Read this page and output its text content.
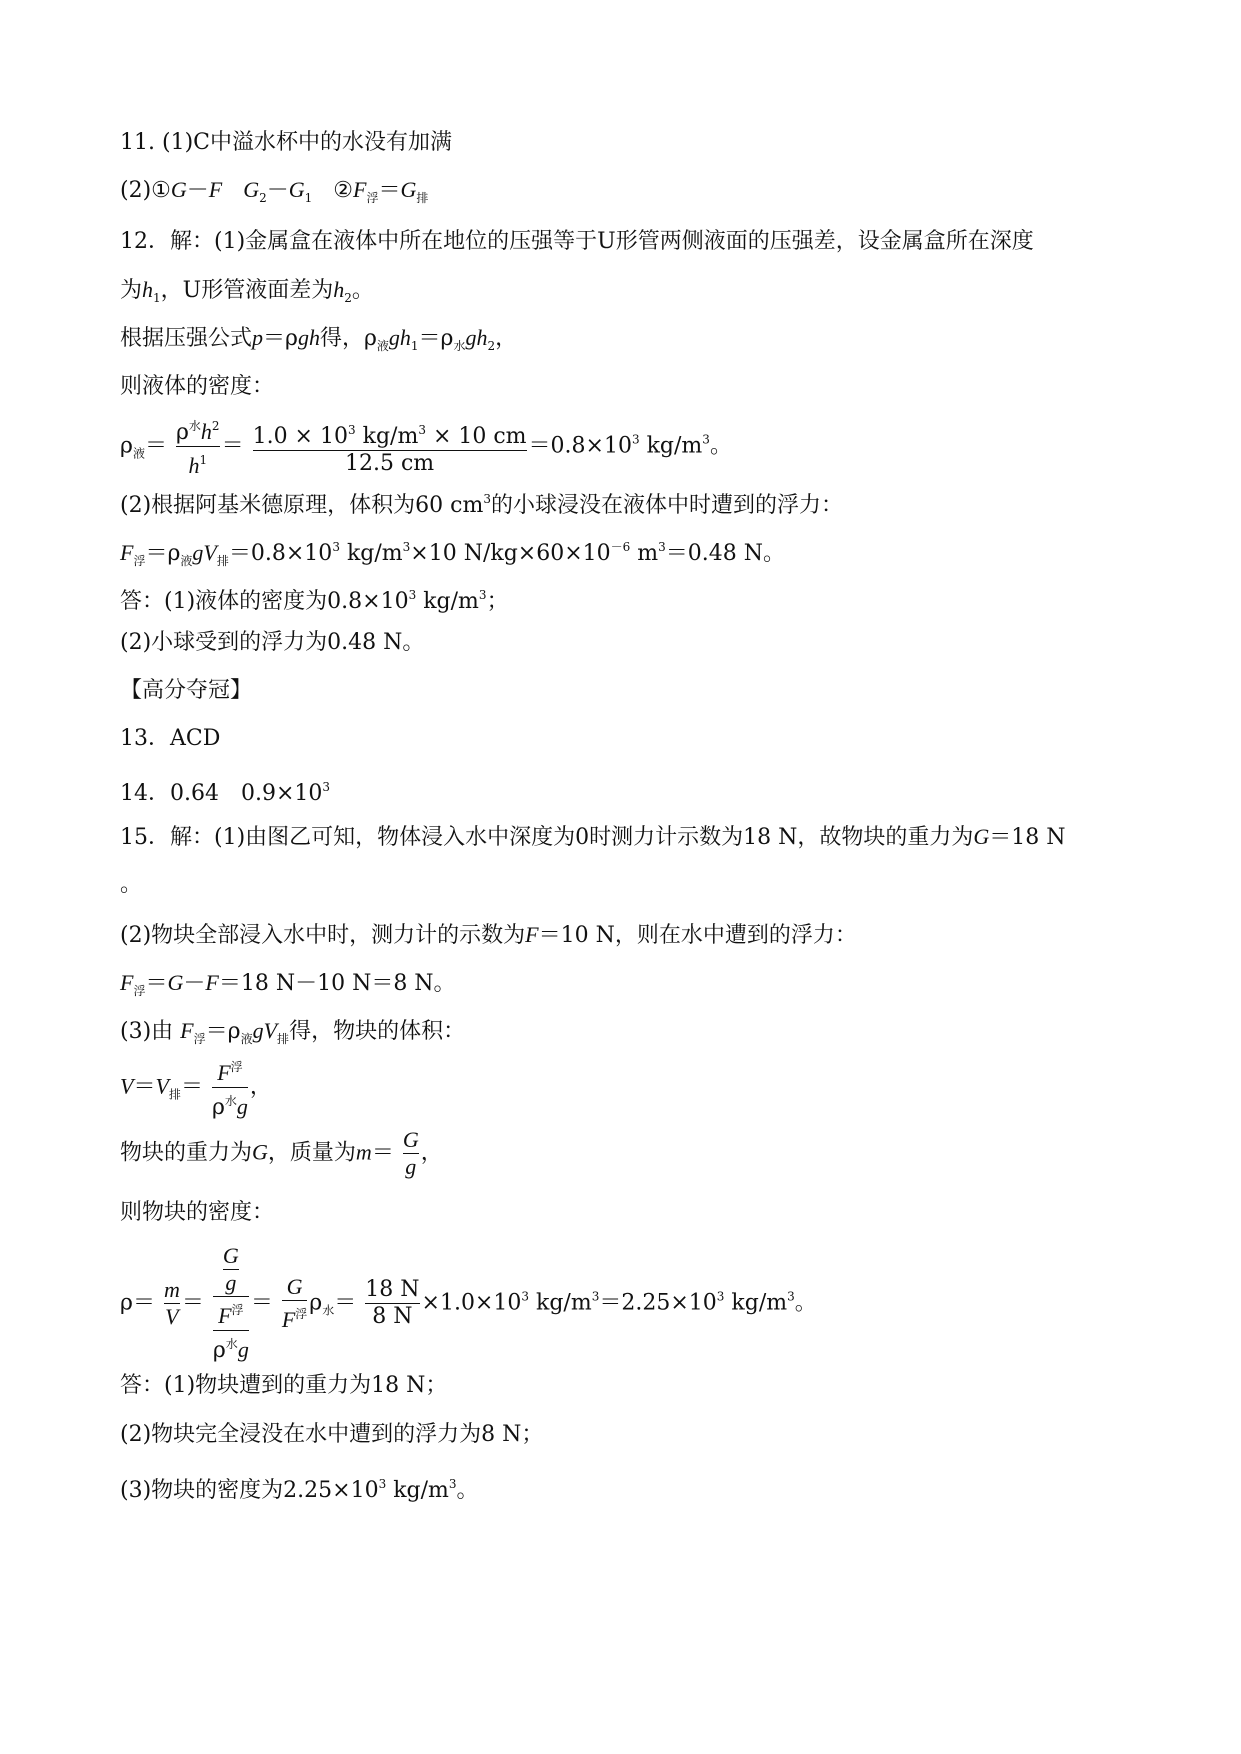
11. (1)C中溢水杯中的水没有加满
(2)①G－F $G_2-G_1$ $②F_浮=G_排$
12．解：(1)金属盒在液体中所在地位的压强等于U形管两侧液面的压强差，设金属盒所在深度
为$h_1$，U形管液面差为$h_2$。
根据压强公式p＝ρgh得，$\rho_液gh_1=\rho_水gh_2$，
则液体的密度：
$\rho_液= \frac{\rho^水h^2}{h^1} = \frac{1.0 \times 10^3 kg/m^3 \times 10 cm}{12.5 cm} =0.8\times 10^3$ $kg/m^3$。
(2)根据阿基米德原理，体积为60 $cm^3$的小球浸没在液体中时遭到的浮力：
$F_浮=\rho_液gV_排=0.8\times 10^3$ $kg/m^3\times 10$ $N/kg\times 60\times 10^{-6}$ $m^3=0.48$ N。
答：(1)液体的密度为$0.8\times 10^3$ $kg/m^3$；
(2)小球受到的浮力为0.48 N。
【高分夺冠】
13．ACD
14．0.64　$0.9\times 10^3$
15．解：(1)由图乙可知，物体浸入水中深度为0时测力计示数为18 N，故物块的重力为G＝18 N
。
(2)物块全部浸入水中时，测力计的示数为F＝10 N，则在水中遭到的浮力：
$F_浮=G-F=18$ N－10 N＝8 N。
(3)由 $F_浮=\rho_液gV_排$得，物块的体积：
$V=V_排= \frac{F^浮}{\rho^水g}$ ，
物块的重力为G，质量为$m= \frac{G}{g}$ ，
则物块的密度：
$\rho= \frac{m}{V} = \frac{G}{g}$
$F^浮$
$\rho^水g = \frac{G}{F^浮} \rho_水= \frac{18 N}{8 N} \times 1.0\times 10^3$ $kg/m^3=2.25\times 10^3$ $kg/m^3$。
答：(1)物块遭到的重力为18 N；
(2)物块完全浸没在水中遭到的浮力为8 N；
(3)物块的密度为$2.25\times 10^3$ $kg/m^3$。
